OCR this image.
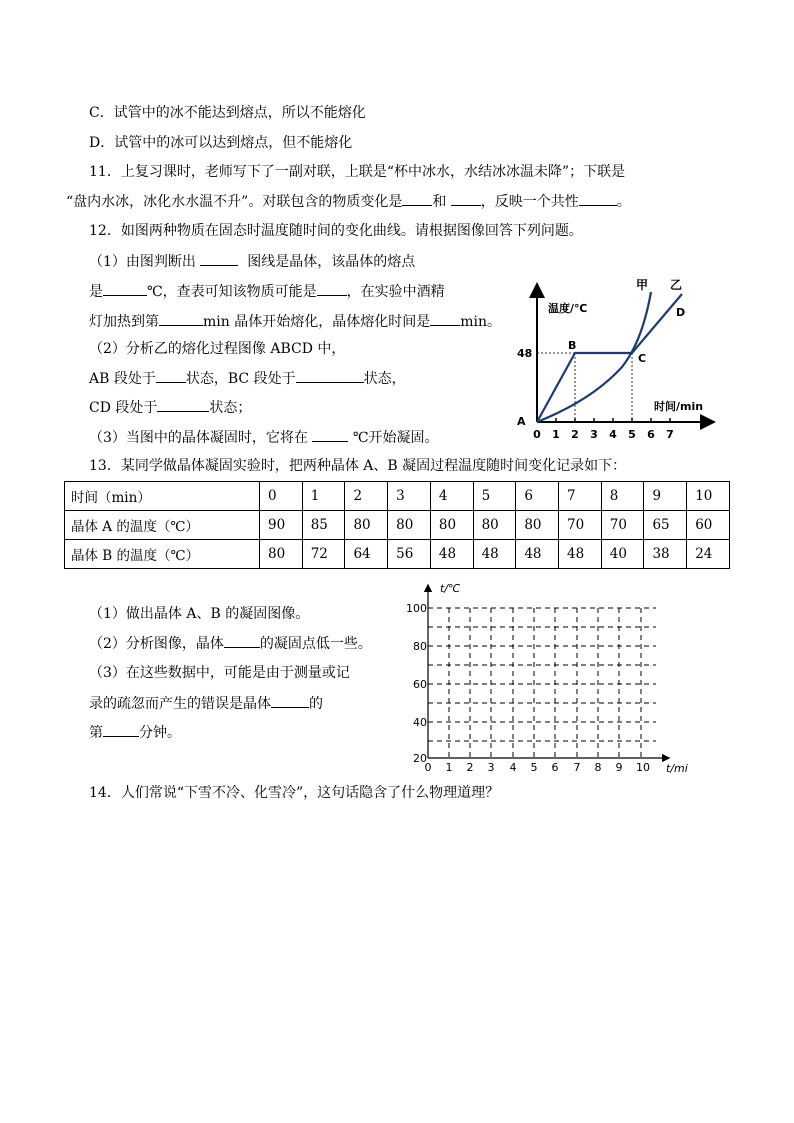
C．试管中的冰不能达到熔点，所以不能熔化
D．试管中的冰可以达到熔点，但不能熔化
11．上复习课时，老师写下了一副对联，上联是“杯中冰水，水结冰冰温未降”；下联是
“盘内水冰，冰化水水温不升”。对联包含的物质变化是 和 ，反映一个共性	。
12．如图两种物质在固态时温度随时间的变化曲线。请根据图像回答下列问题。
（1）由图判断出	图线是晶体，该晶体的熔点
是	℃，查表可知该物质可能是 ，在实验中酒精
灯加热到第	min 晶体开始熔化，晶体熔化时间是 min。
（2）分析乙的熔化过程图像 ABCD 中，
AB 段处于 状态，BC 段处于	状态，
CD 段处于	状态；
（3）当图中的晶体凝固时，它将在	℃开始凝固。
温度/℃
时间/min
甲 乙
B
C
D
A
48
0 1 2 3 4 5 6 7
13．某同学做晶体凝固实验时，把两种晶体 A、B 凝固过程温度随时间变化记录如下：
时间（min）	0	1	2	3	4	5	6	7	8	9	10
晶体 A 的温度（℃）	90	85	80	80	80	80	80	70	70	65	60
晶体 B 的温度（℃）	80	72	64	56	48	48	48	48	40	38	24
（1）做出晶体 A、B 的凝固图像。
（2）分析图像，晶体	的凝固点低一些。
（3）在这些数据中，可能是由于测量或记
录的疏忽而产生的错误是晶体	的
第	分钟。
t/℃
t/mi
100
80
60
40
20
0 1 2 3 4 5 6 7 8 9 10
14．人们常说“下雪不冷、化雪冷”，这句话隐含了什么物理道理？
